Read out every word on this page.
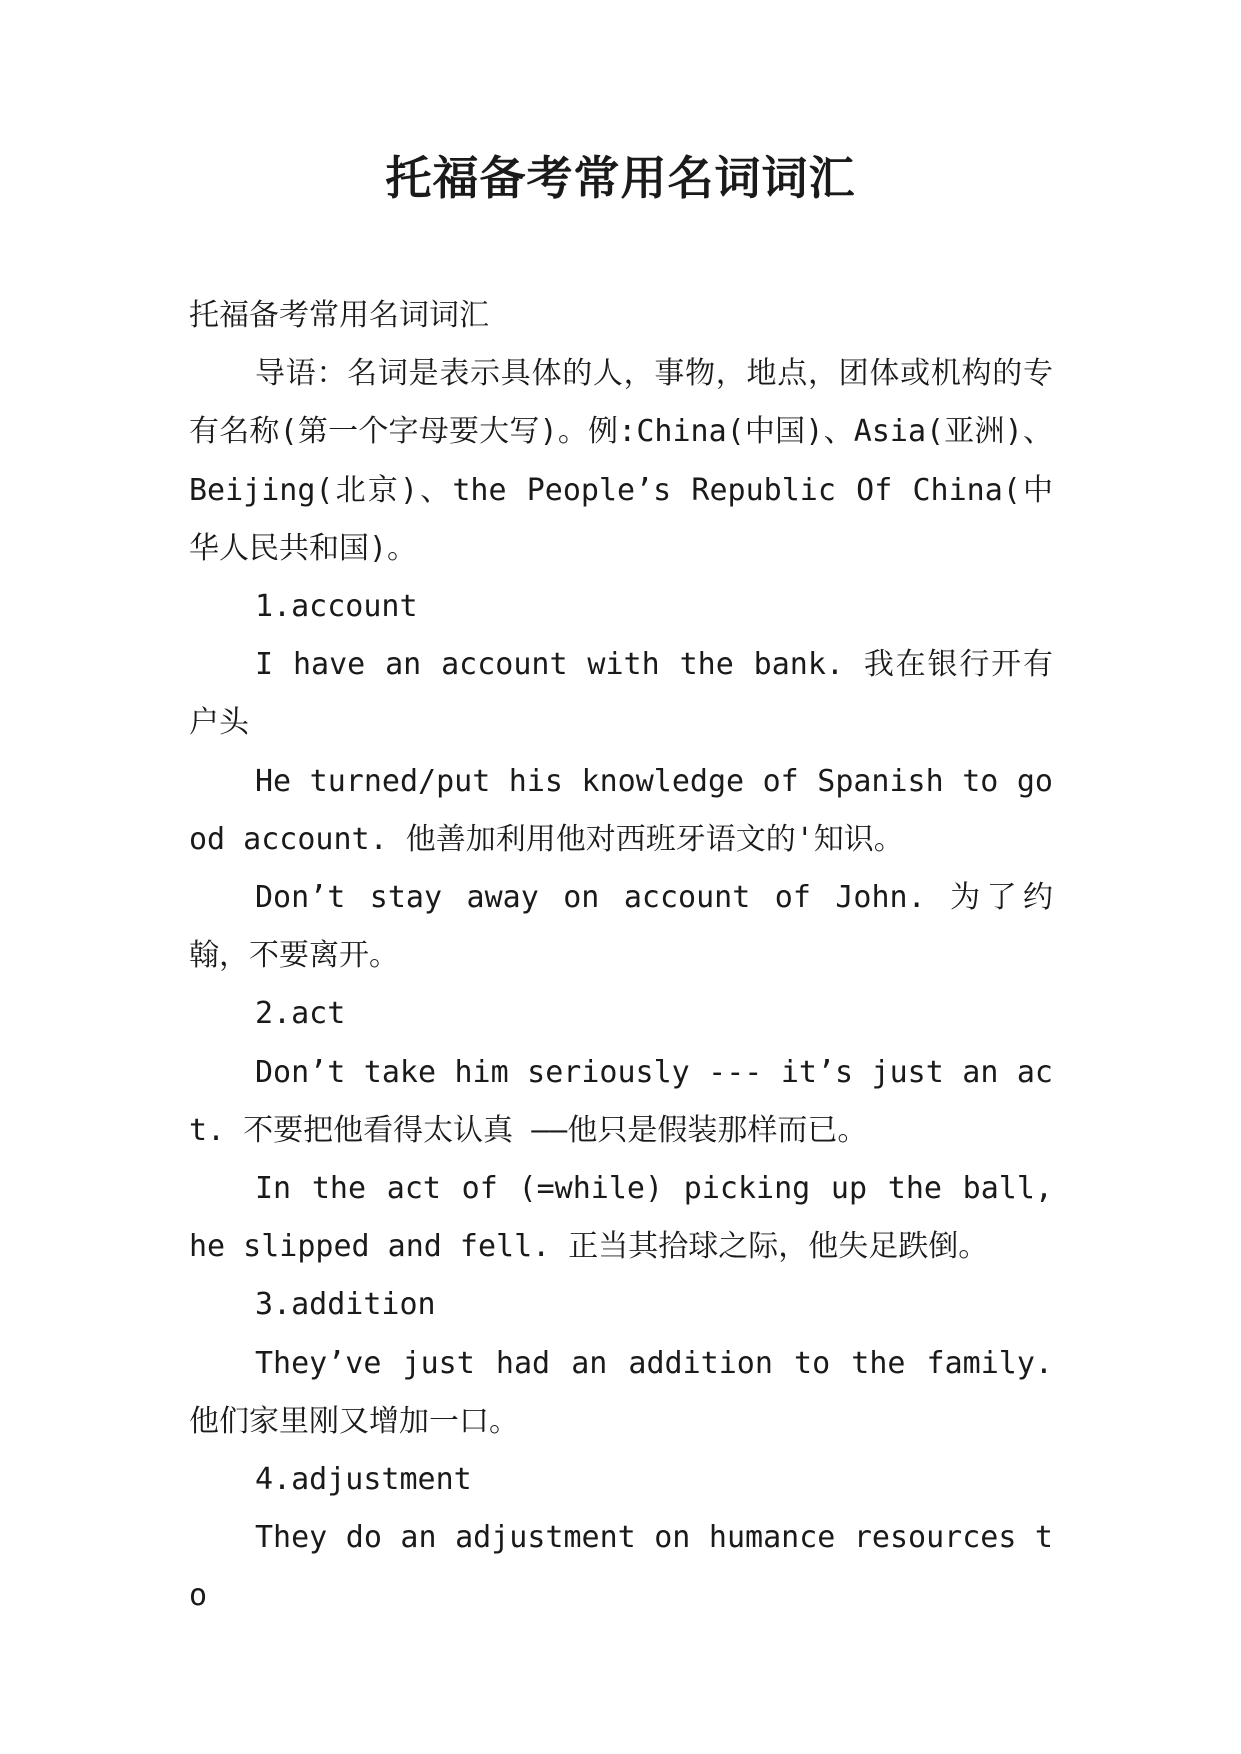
托福备考常用名词词汇

托福备考常用名词词汇

导语：名词是表示具体的人，事物，地点，团体或机构的专有名称(第一个字母要大写)。例:China(中国)、Asia(亚洲)、Beijing(北京)、the People’s Republic Of China(中华人民共和国)。

1.account

I have an account with the bank. 我在银行开有户头

He turned/put his knowledge of Spanish to good account. 他善加利用他对西班牙语文的'知识。

Don’t stay away on account of John. 为了约翰，不要离开。

2.act

Don’t take him seriously --- it’s just an act. 不要把他看得太认真 ——他只是假装那样而已。

In the act of (=while) picking up the ball, he slipped and fell. 正当其拾球之际，他失足跌倒。

3.addition

They’ve just had an addition to the family. 他们家里刚又增加一口。

4.adjustment

They do an adjustment on humance resources to
